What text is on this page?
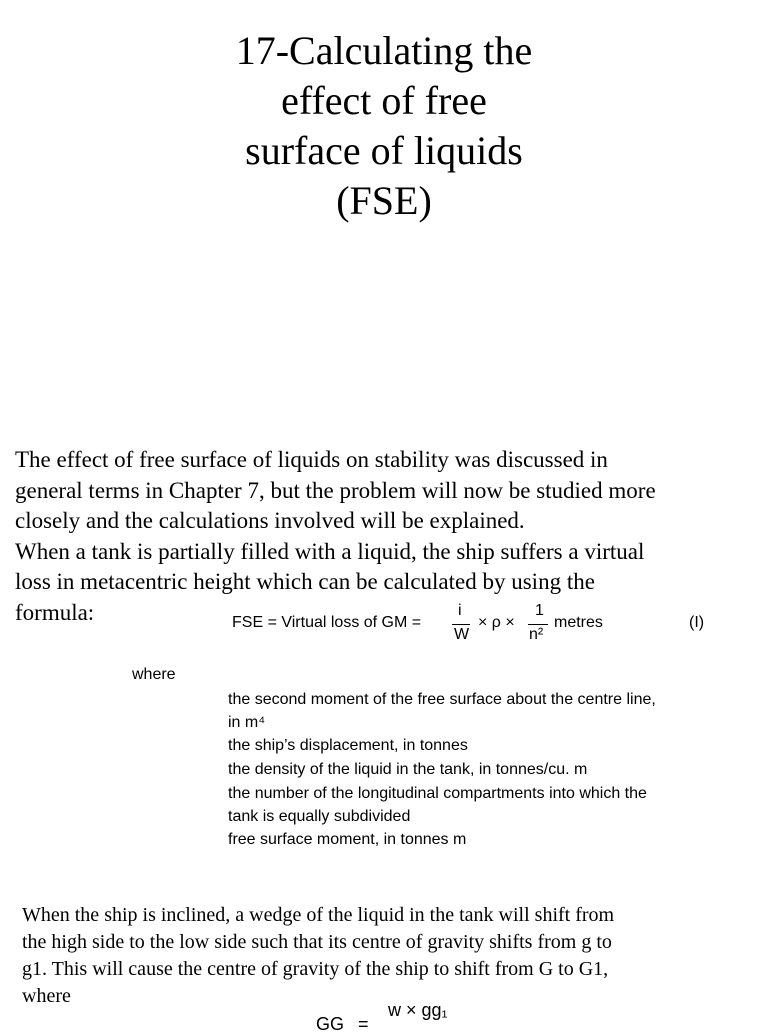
17-Calculating the
effect of free
surface of liquids
(FSE)
The effect of free surface of liquids on stability was discussed in
general terms in Chapter 7, but the problem will now be studied more
closely and the calculations involved will be explained.
When a tank is partially filled with a liquid, the ship suffers a virtual
loss in metacentric height which can be calculated by using the
formula:	FSE = Virtual loss of GM =
i
W
× ρ ×
1
n²
metres	(I)
where
the second moment of the free surface about the centre line,
in m⁴
the ship’s displacement, in tonnes
the density of the liquid in the tank, in tonnes/cu. m
the number of the longitudinal compartments into which the
tank is equally subdivided
free surface moment, in tonnes m
When the ship is inclined, a wedge of the liquid in the tank will shift from
the high side to the low side such that its centre of gravity shifts from g to
g1. This will cause the centre of gravity of the ship to shift from G to G1,
where
GG =
w × gg₁
